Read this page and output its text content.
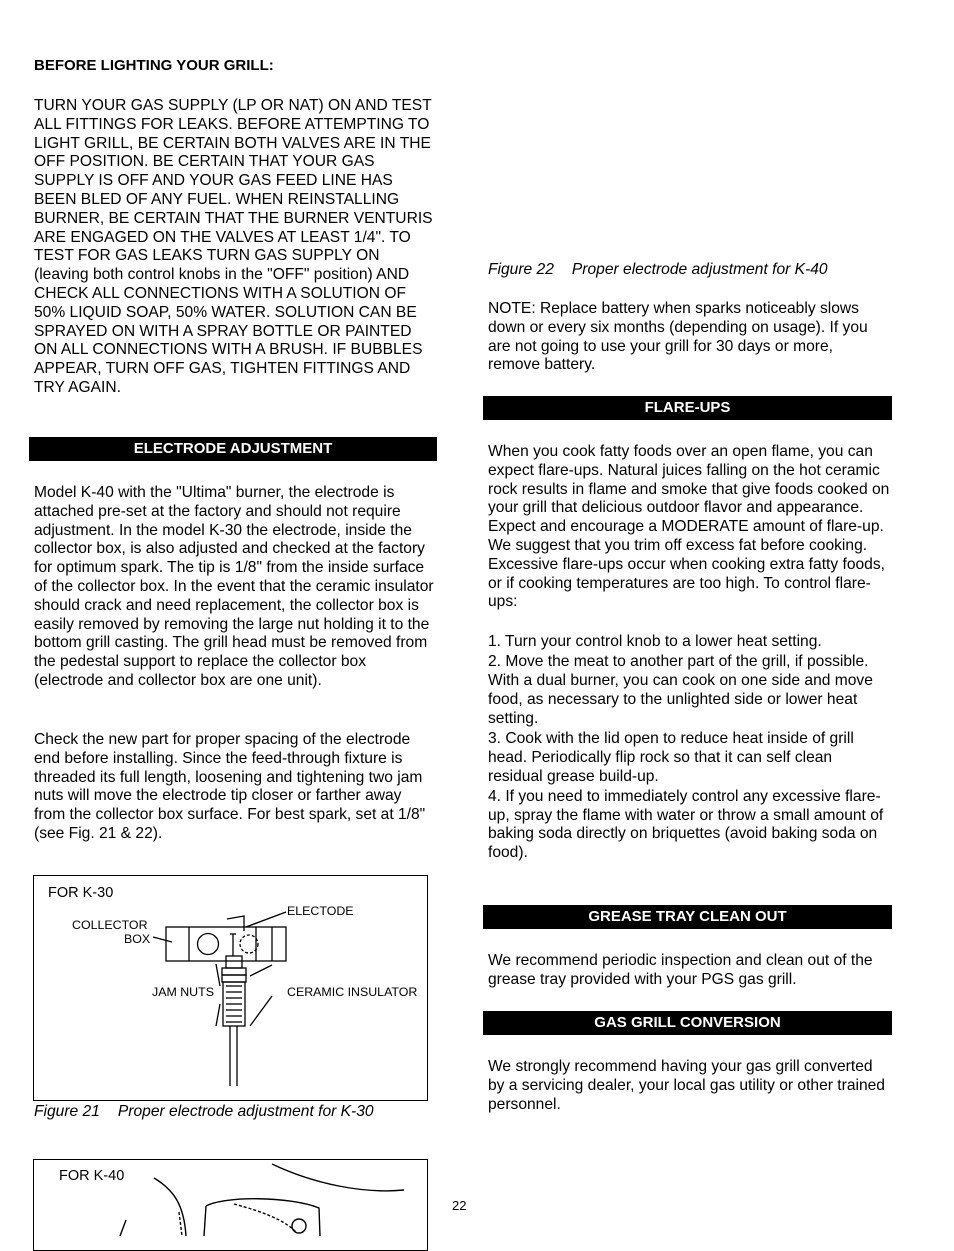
BEFORE LIGHTING YOUR GRILL:

TURN YOUR GAS SUPPLY (LP OR NAT) ON AND TEST ALL FITTINGS FOR LEAKS. BEFORE ATTEMPTING TO LIGHT GRILL, BE CERTAIN BOTH VALVES ARE IN THE OFF POSITION. BE CERTAIN THAT YOUR GAS SUPPLY IS OFF AND YOUR GAS FEED LINE HAS BEEN BLED OF ANY FUEL. WHEN REINSTALLING BURNER, BE CERTAIN THAT THE BURNER VENTURIS ARE ENGAGED ON THE VALVES AT LEAST 1/4". TO TEST FOR GAS LEAKS TURN GAS SUPPLY ON (leaving both control knobs in the "OFF" position) AND CHECK ALL CONNECTIONS WITH A SOLUTION OF 50% LIQUID SOAP, 50% WATER. SOLUTION CAN BE SPRAYED ON WITH A SPRAY BOTTLE OR PAINTED ON ALL CONNECTIONS WITH A BRUSH. IF BUBBLES APPEAR, TURN OFF GAS, TIGHTEN FITTINGS AND TRY AGAIN.

ELECTRODE ADJUSTMENT

Model K-40 with the "Ultima" burner, the electrode is attached pre-set at the factory and should not require adjustment. In the model K-30 the electrode, inside the collector box, is also adjusted and checked at the factory for optimum spark. The tip is 1/8" from the inside surface of the collector box. In the event that the ceramic insulator should crack and need replacement, the collector box is easily removed by removing the large nut holding it to the bottom grill casting. The grill head must be removed from the pedestal support to replace the collector box (electrode and collector box are one unit).

Check the new part for proper spacing of the electrode end before installing. Since the feed-through fixture is threaded its full length, loosening and tightening two jam nuts will move the electrode tip closer or farther away from the collector box surface. For best spark, set at 1/8" (see Fig. 21 & 22).

FOR K-30
COLLECTOR
BOX
ELECTODE
JAM NUTS	CERAMIC INSULATOR
Figure 21 Proper electrode adjustment for K-30
FOR K-40
Figure 22 Proper electrode adjustment for K-40

NOTE: Replace battery when sparks noticeably slows down or every six months (depending on usage). If you are not going to use your grill for 30 days or more, remove battery.

FLARE-UPS

When you cook fatty foods over an open flame, you can expect flare-ups. Natural juices falling on the hot ceramic rock results in flame and smoke that give foods cooked on your grill that delicious outdoor flavor and appearance. Expect and encourage a MODERATE amount of flare-up. We suggest that you trim off excess fat before cooking. Excessive flare-ups occur when cooking extra fatty foods, or if cooking temperatures are too high. To control flare-ups:

1. Turn your control knob to a lower heat setting.

2. Move the meat to another part of the grill, if possible. With a dual burner, you can cook on one side and move food, as necessary to the unlighted side or lower heat setting.

3. Cook with the lid open to reduce heat inside of grill head. Periodically flip rock so that it can self clean residual grease build-up.

4. If you need to immediately control any excessive flare-up, spray the flame with water or throw a small amount of baking soda directly on briquettes (avoid baking soda on food).

GREASE TRAY CLEAN OUT

We recommend periodic inspection and clean out of the grease tray provided with your PGS gas grill.

GAS GRILL CONVERSION

We strongly recommend having your gas grill converted by a servicing dealer, your local gas utility or other trained personnel.

22
